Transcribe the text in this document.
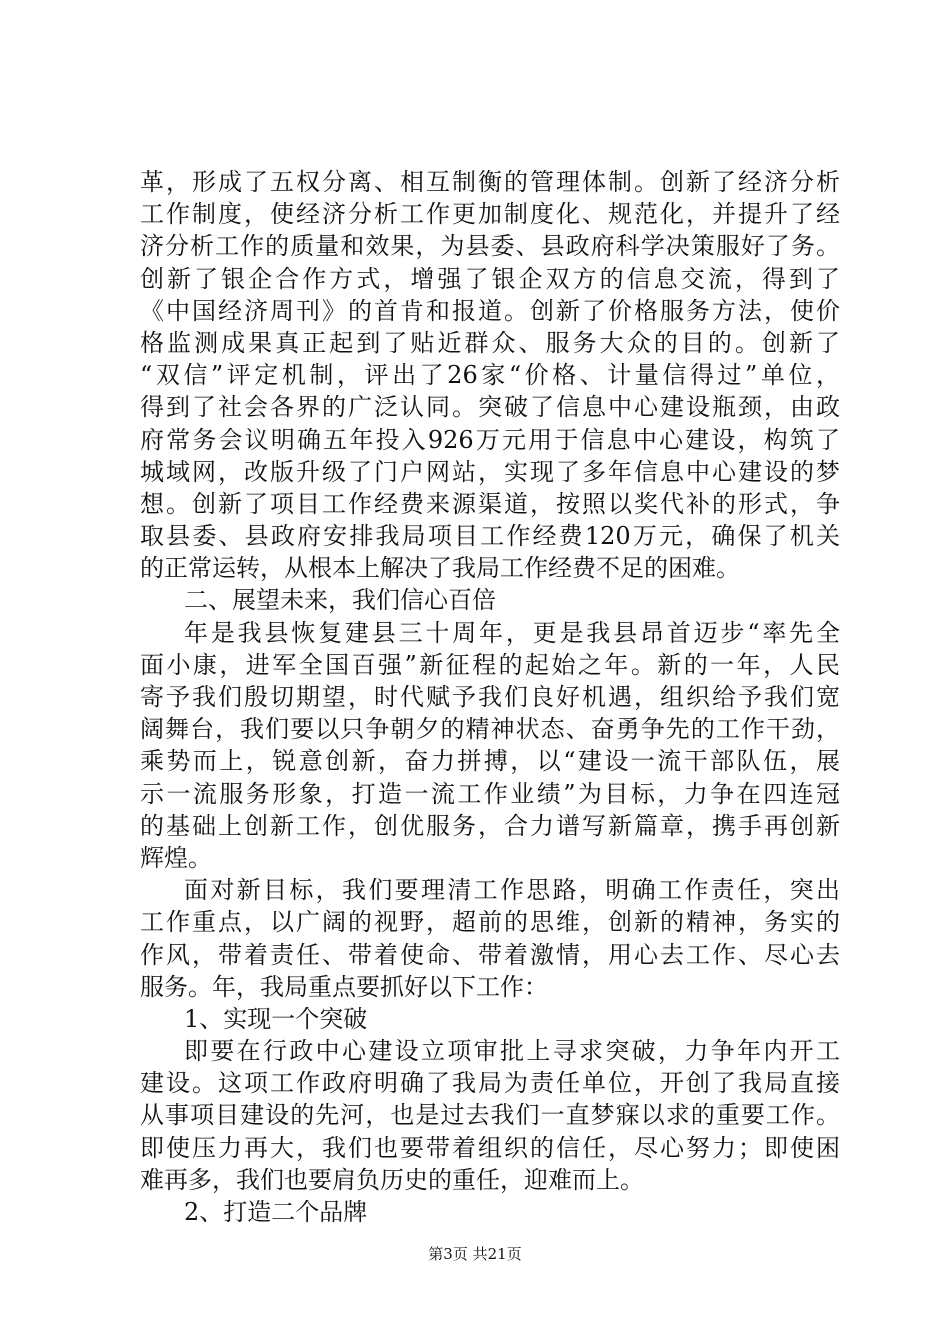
革，形成了五权分离、相互制衡的管理体制。创新了经济分析
工作制度，使经济分析工作更加制度化、规范化，并提升了经
济分析工作的质量和效果，为县委、县政府科学决策服好了务。
创新了银企合作方式，增强了银企双方的信息交流，得到了
《中国经济周刊》的首肯和报道。创新了价格服务方法，使价
格监测成果真正起到了贴近群众、服务大众的目的。创新了
“双信”评定机制，评出了26家“价格、计量信得过”单位，
得到了社会各界的广泛认同。突破了信息中心建设瓶颈，由政
府常务会议明确五年投入926万元用于信息中心建设，构筑了
城域网，改版升级了门户网站，实现了多年信息中心建设的梦
想。创新了项目工作经费来源渠道，按照以奖代补的形式，争
取县委、县政府安排我局项目工作经费120万元，确保了机关
的正常运转，从根本上解决了我局工作经费不足的困难。
二、展望未来，我们信心百倍
年是我县恢复建县三十周年，更是我县昂首迈步“率先全
面小康，进军全国百强”新征程的起始之年。新的一年，人民
寄予我们殷切期望，时代赋予我们良好机遇，组织给予我们宽
阔舞台，我们要以只争朝夕的精神状态、奋勇争先的工作干劲，
乘势而上，锐意创新，奋力拼搏，以“建设一流干部队伍，展
示一流服务形象，打造一流工作业绩”为目标，力争在四连冠
的基础上创新工作，创优服务，合力谱写新篇章，携手再创新
辉煌。
面对新目标，我们要理清工作思路，明确工作责任，突出
工作重点，以广阔的视野，超前的思维，创新的精神，务实的
作风，带着责任、带着使命、带着激情，用心去工作、尽心去
服务。年，我局重点要抓好以下工作：
1、实现一个突破
即要在行政中心建设立项审批上寻求突破，力争年内开工
建设。这项工作政府明确了我局为责任单位，开创了我局直接
从事项目建设的先河，也是过去我们一直梦寐以求的重要工作。
即使压力再大，我们也要带着组织的信任，尽心努力；即使困
难再多，我们也要肩负历史的重任，迎难而上。
2、打造二个品牌
第3页 共21页
